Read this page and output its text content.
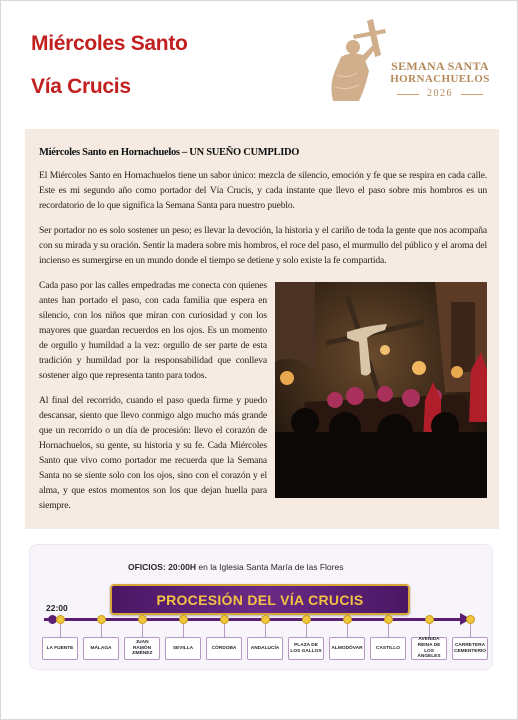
Miércoles Santo
Vía Crucis
SEMANA SANTA
HORNACHUELOS
2026
Miércoles Santo en Hornachuelos – UN SUEÑO CUMPLIDO

El Miércoles Santo en Hornachuelos tiene un sabor único: mezcla de silencio, emoción y fe que se respira en cada calle. Este es mi segundo año como portador del Vía Crucis, y cada instante que llevo el paso sobre mis hombros es un recordatorio de lo que significa la Semana Santa para nuestro pueblo.

Ser portador no es solo sostener un peso; es llevar la devoción, la historia y el cariño de toda la gente que nos acompaña con su mirada y su oración. Sentir la madera sobre mis hombros, el roce del paso, el murmullo del público y el aroma del incienso es sumergirse en un mundo donde el tiempo se detiene y solo existe la fe compartida.

Cada paso por las calles empedradas me conecta con quienes antes han portado el paso, con cada familia que espera en silencio, con los niños que miran con curiosidad y con los mayores que guardan recuerdos en los ojos. Es un momento de orgullo y humildad a la vez: orgullo de ser parte de esta tradición y humildad por la responsabilidad que conlleva sostener algo que representa tanto para todos.

Al final del recorrido, cuando el paso queda firme y puedo descansar, siento que llevo conmigo algo mucho más grande que un recorrido o un día de procesión: llevo el corazón de Hornachuelos, su gente, su historia y su fe. Cada Miércoles Santo que vivo como portador me recuerda que la Semana Santa no se siente solo con los ojos, sino con el corazón y el alma, y que estos momentos son los que dejan huella para siempre.

OFICIOS: 20:00H en la Iglesia Santa María de las Flores
PROCESIÓN DEL VÍA CRUCIS
22:00
LA FUENTE	MÁLAGA
JUAN RAMÓN JIMÉNEZ
SEVILLA	CÓRDOBA	ANDALUCÍA
PLAZA DE LOS GALLOS
ALMODÓVAR	CASTILLO
AVENIDA REINA DE LOS ÁNGELES
CARRETERA CEMENTERIO
